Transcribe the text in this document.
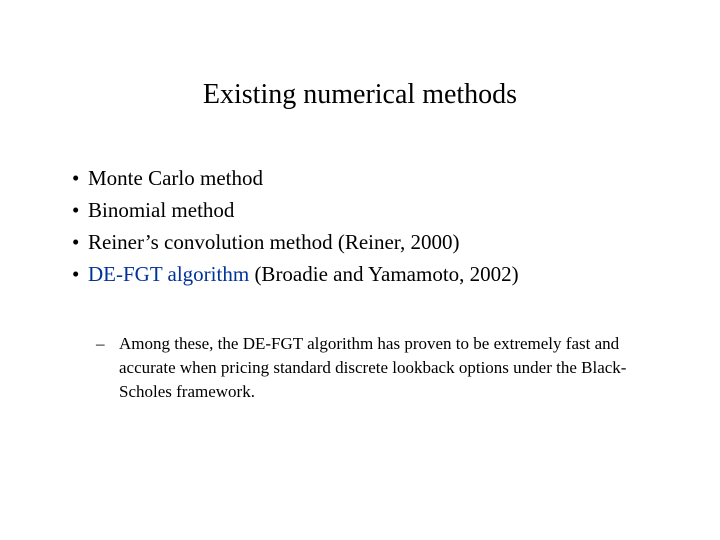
Existing numerical methods
• Monte Carlo method
• Binomial method
• Reiner’s convolution method (Reiner, 2000)
• DE-FGT algorithm (Broadie and Yamamoto, 2002)
– Among these, the DE-FGT algorithm has proven to be extremely fast and accurate when pricing standard discrete lookback options under the Black-Scholes framework.
